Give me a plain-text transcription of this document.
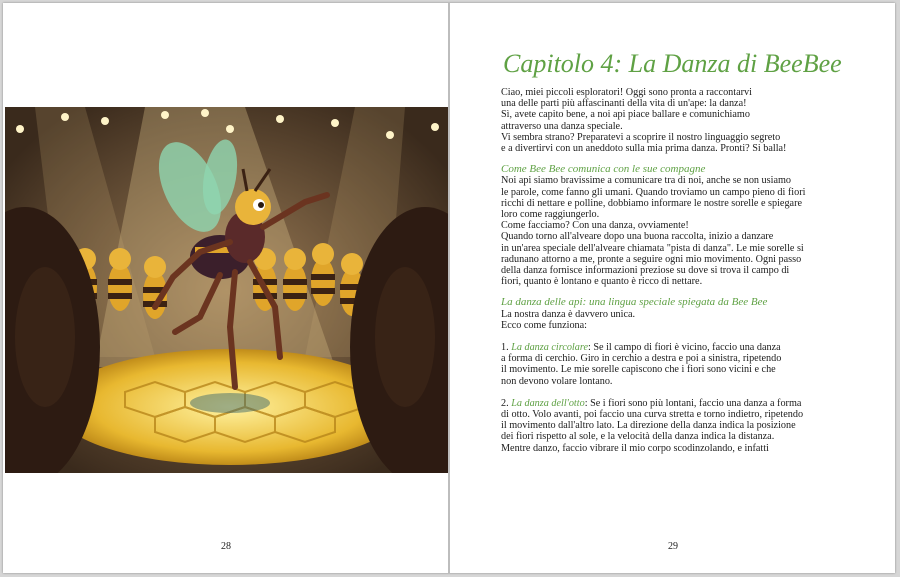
28
Capitolo 4: La Danza di BeeBee

Ciao, miei piccoli esploratori! Oggi sono pronta a raccontarvi

una delle parti più affascinanti della vita di un'ape: la danza!

Sì, avete capito bene, a noi api piace ballare e comunichiamo

attraverso una danza speciale.

Vi sembra strano? Preparatevi a scoprire il nostro linguaggio segreto

e a divertirvi con un aneddoto sulla mia prima danza. Pronti? Si balla!

Come Bee Bee comunica con le sue compagne

Noi api siamo bravissime a comunicare tra di noi, anche se non usiamo

le parole, come fanno gli umani. Quando troviamo un campo pieno di fiori

ricchi di nettare e polline, dobbiamo informare le nostre sorelle e spiegare

loro come raggiungerlo.

Come facciamo? Con una danza, ovviamente!

Quando torno all'alveare dopo una buona raccolta, inizio a danzare

in un'area speciale dell'alveare chiamata "pista di danza". Le mie sorelle si

radunano attorno a me, pronte a seguire ogni mio movimento. Ogni passo

della danza fornisce informazioni preziose su dove si trova il campo di

fiori, quanto è lontano e quanto è ricco di nettare.

La danza delle api: una lingua speciale spiegata da Bee Bee

La nostra danza è davvero unica.

Ecco come funziona:

1. La danza circolare: Se il campo di fiori è vicino, faccio una danza

a forma di cerchio. Giro in cerchio a destra e poi a sinistra, ripetendo

il movimento. Le mie sorelle capiscono che i fiori sono vicini e che

non devono volare lontano.

2. La danza dell'otto: Se i fiori sono più lontani, faccio una danza a forma

di otto. Volo avanti, poi faccio una curva stretta e torno indietro, ripetendo

il movimento dall'altro lato. La direzione della danza indica la posizione

dei fiori rispetto al sole, e la velocità della danza indica la distanza.

Mentre danzo, faccio vibrare il mio corpo scodinzolando, e infatti

29
